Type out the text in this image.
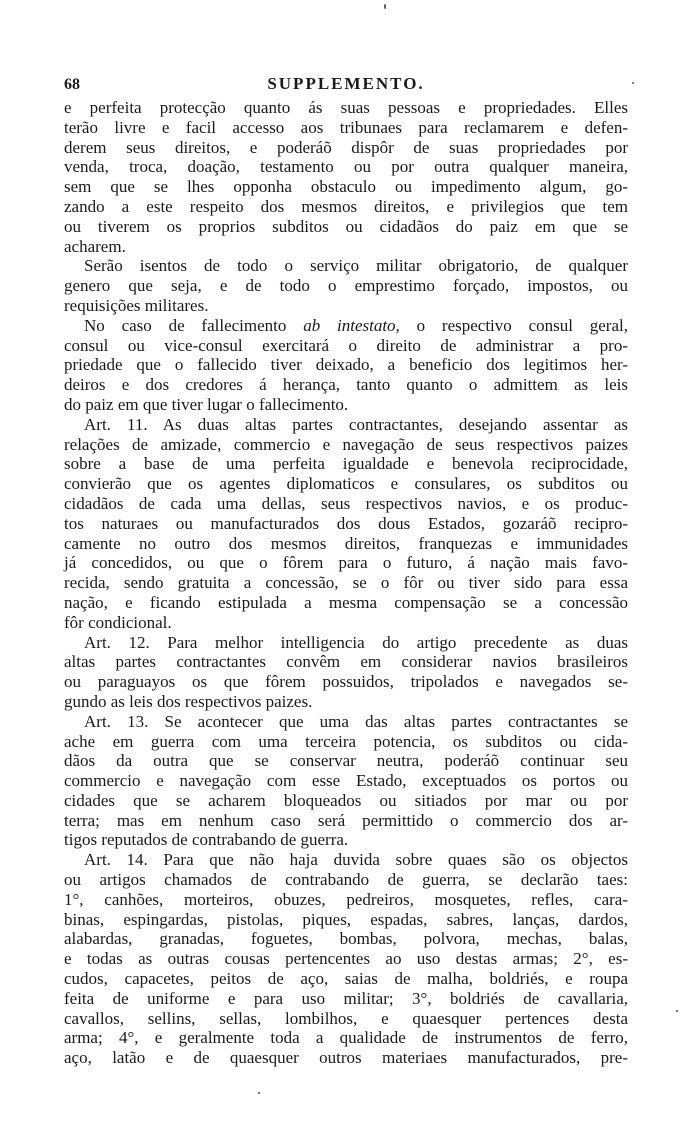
68	SUPPLEMENTO.
e perfeita protecção quanto ás suas pessoas e propriedades. Elles
terão livre e facil accesso aos tribunaes para reclamarem e defen-
derem seus direitos, e poderáõ dispôr de suas propriedades por
venda, troca, doação, testamento ou por outra qualquer maneira,
sem que se lhes opponha obstaculo ou impedimento algum, go-
zando a este respeito dos mesmos direitos, e privilegios que tem
ou tiverem os proprios subditos ou cidadãos do paiz em que se
acharem.
Serão isentos de todo o serviço militar obrigatorio, de qualquer
genero que seja, e de todo o emprestimo forçado, impostos, ou
requisições militares.
No caso de fallecimento ab intestato, o respectivo consul geral,
consul ou vice-consul exercitará o direito de administrar a pro-
priedade que o fallecido tiver deixado, a beneficio dos legitimos her-
deiros e dos credores á herança, tanto quanto o admittem as leis
do paiz em que tiver lugar o fallecimento.
Art. 11. As duas altas partes contractantes, desejando assentar as
relações de amizade, commercio e navegação de seus respectivos paizes
sobre a base de uma perfeita igualdade e benevola reciprocidade,
convierão que os agentes diplomaticos e consulares, os subditos ou
cidadãos de cada uma dellas, seus respectivos navios, e os produc-
tos naturaes ou manufacturados dos dous Estados, gozaráõ recipro-
camente no outro dos mesmos direitos, franquezas e immunidades
já concedidos, ou que o fôrem para o futuro, á nação mais favo-
recida, sendo gratuita a concessão, se o fôr ou tiver sido para essa
nação, e ficando estipulada a mesma compensação se a concessão
fôr condicional.
Art. 12. Para melhor intelligencia do artigo precedente as duas
altas partes contractantes convêm em considerar navios brasileiros
ou paraguayos os que fôrem possuidos, tripolados e navegados se-
gundo as leis dos respectivos paizes.
Art. 13. Se acontecer que uma das altas partes contractantes se
ache em guerra com uma terceira potencia, os subditos ou cida-
dãos da outra que se conservar neutra, poderáõ continuar seu
commercio e navegação com esse Estado, exceptuados os portos ou
cidades que se acharem bloqueados ou sitiados por mar ou por
terra; mas em nenhum caso será permittido o commercio dos ar-
tigos reputados de contrabando de guerra.
Art. 14. Para que não haja duvida sobre quaes são os objectos
ou artigos chamados de contrabando de guerra, se declarão taes:
1°, canhões, morteiros, obuzes, pedreiros, mosquetes, refles, cara-
binas, espingardas, pistolas, piques, espadas, sabres, lanças, dardos,
alabardas, granadas, foguetes, bombas, polvora, mechas, balas,
e todas as outras cousas pertencentes ao uso destas armas; 2°, es-
cudos, capacetes, peitos de aço, saias de malha, boldriés, e roupa
feita de uniforme e para uso militar; 3°, boldriés de cavallaria,
cavallos, sellins, sellas, lombilhos, e quaesquer pertences desta
arma; 4°, e geralmente toda a qualidade de instrumentos de ferro,
aço, latão e de quaesquer outros materiaes manufacturados, pre-
